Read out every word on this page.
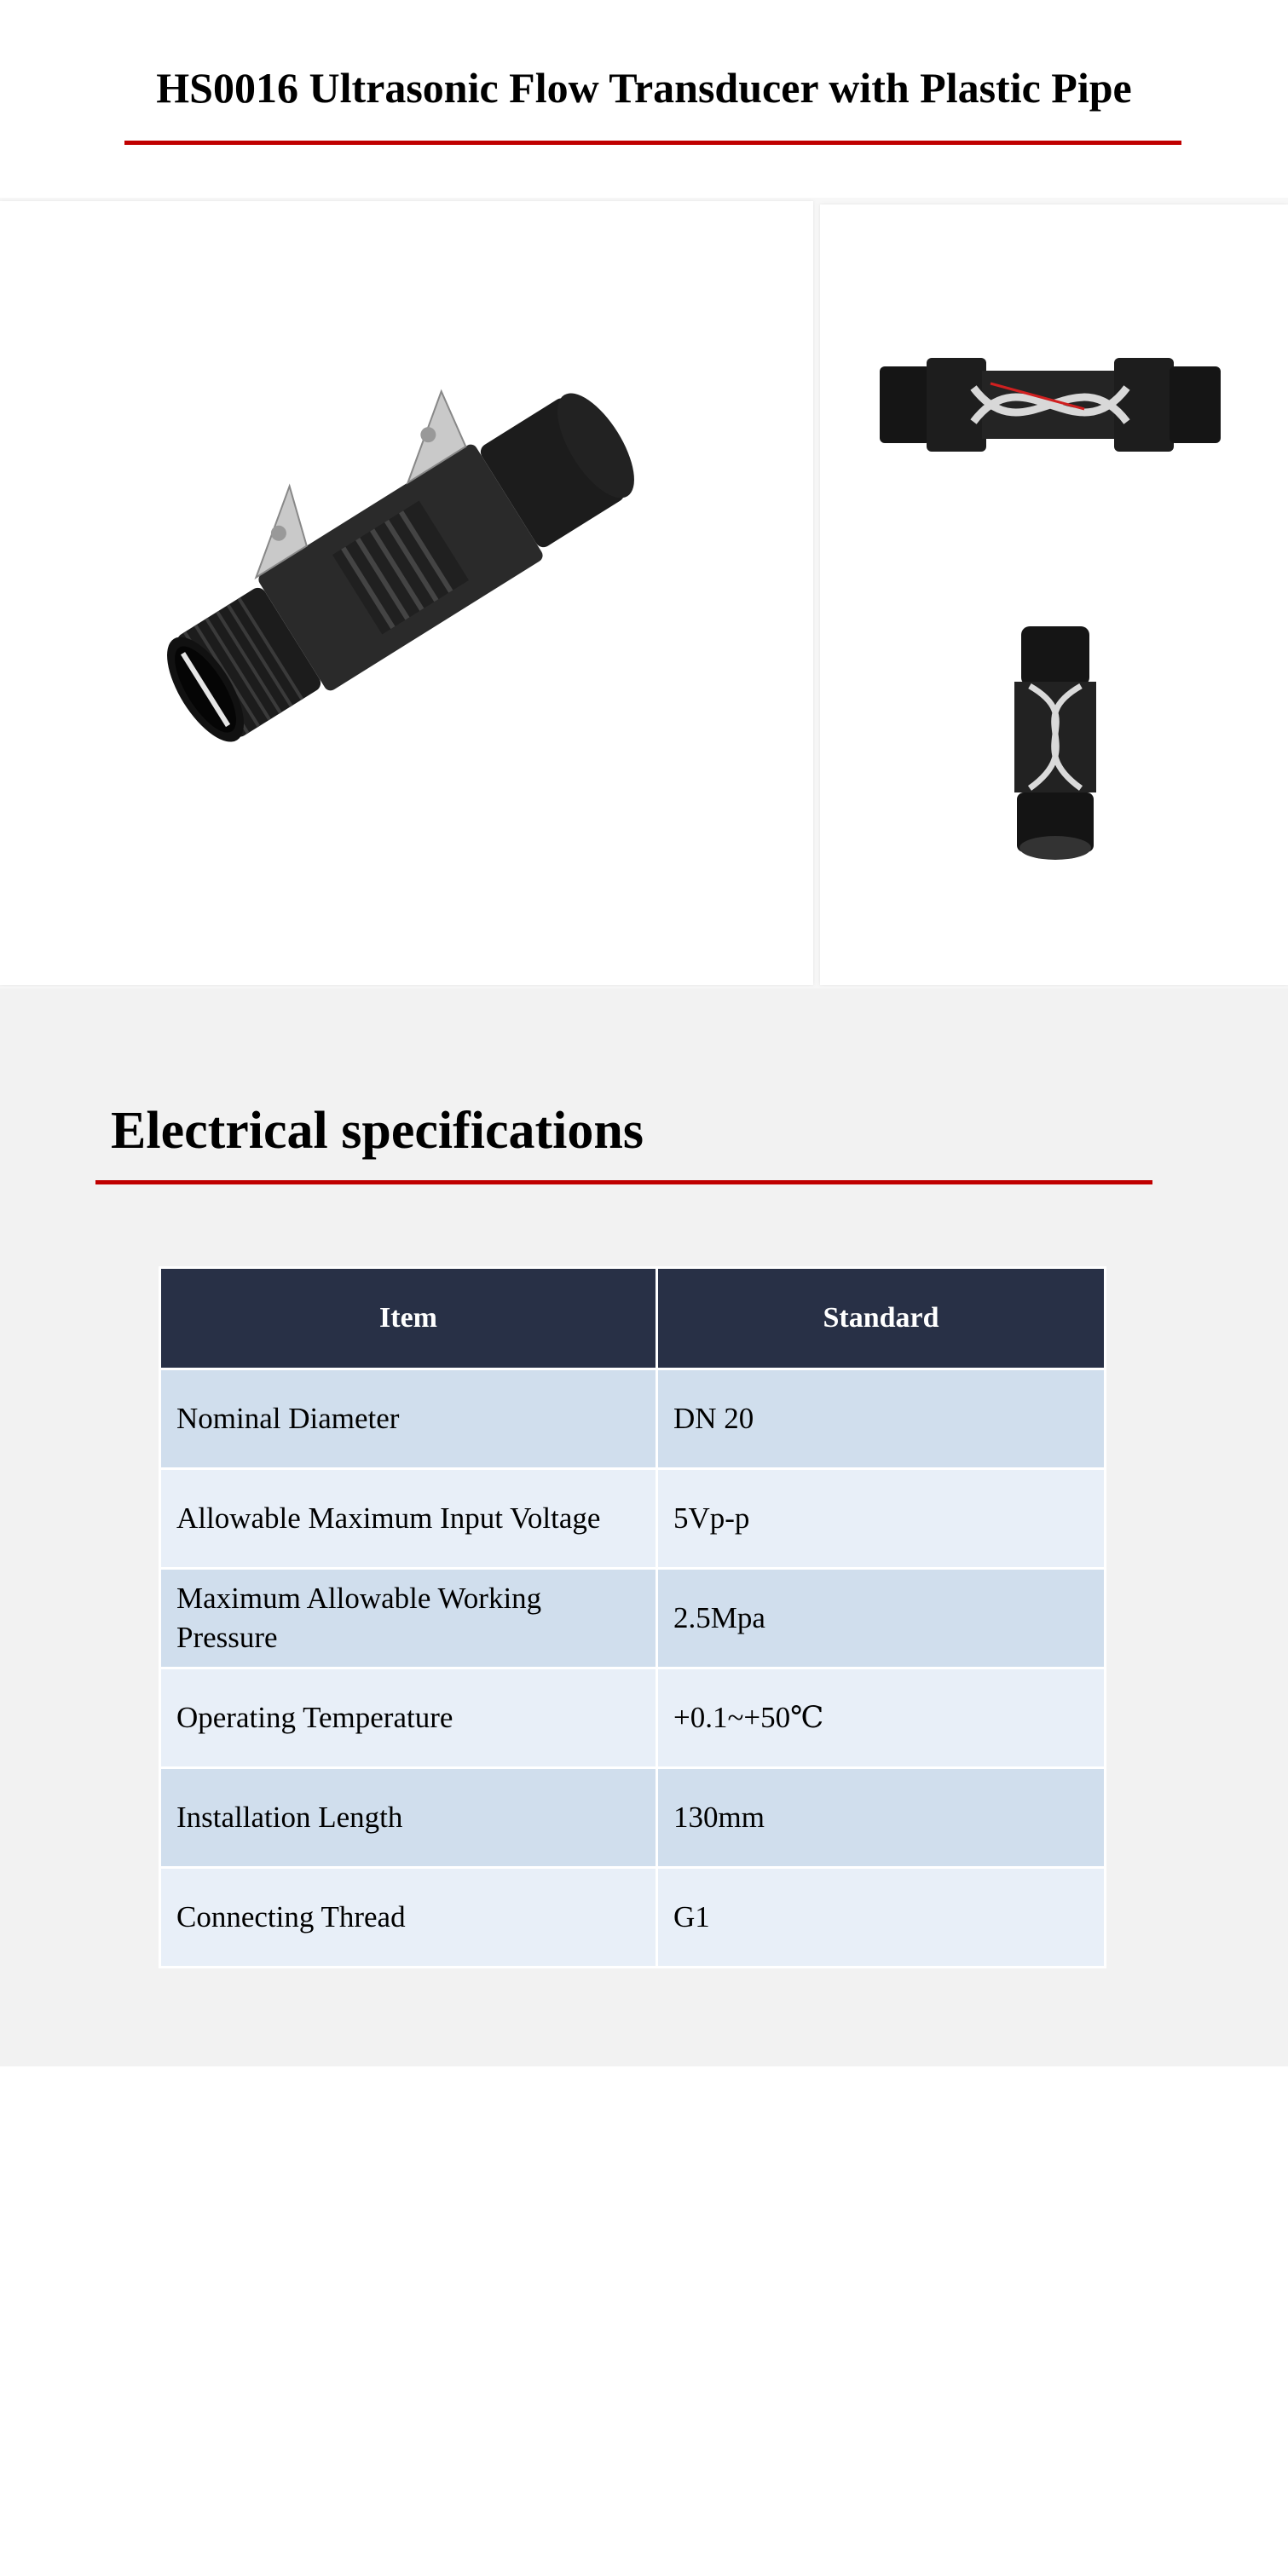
HS0016 Ultrasonic Flow Transducer with Plastic Pipe
Electrical specifications
Item	Standard
Nominal Diameter	DN 20
Allowable Maximum Input Voltage	5Vp-p
Maximum Allowable Working Pressure	2.5Mpa
Operating Temperature	+0.1~+50℃
Installation Length	130mm
Connecting Thread	G1
